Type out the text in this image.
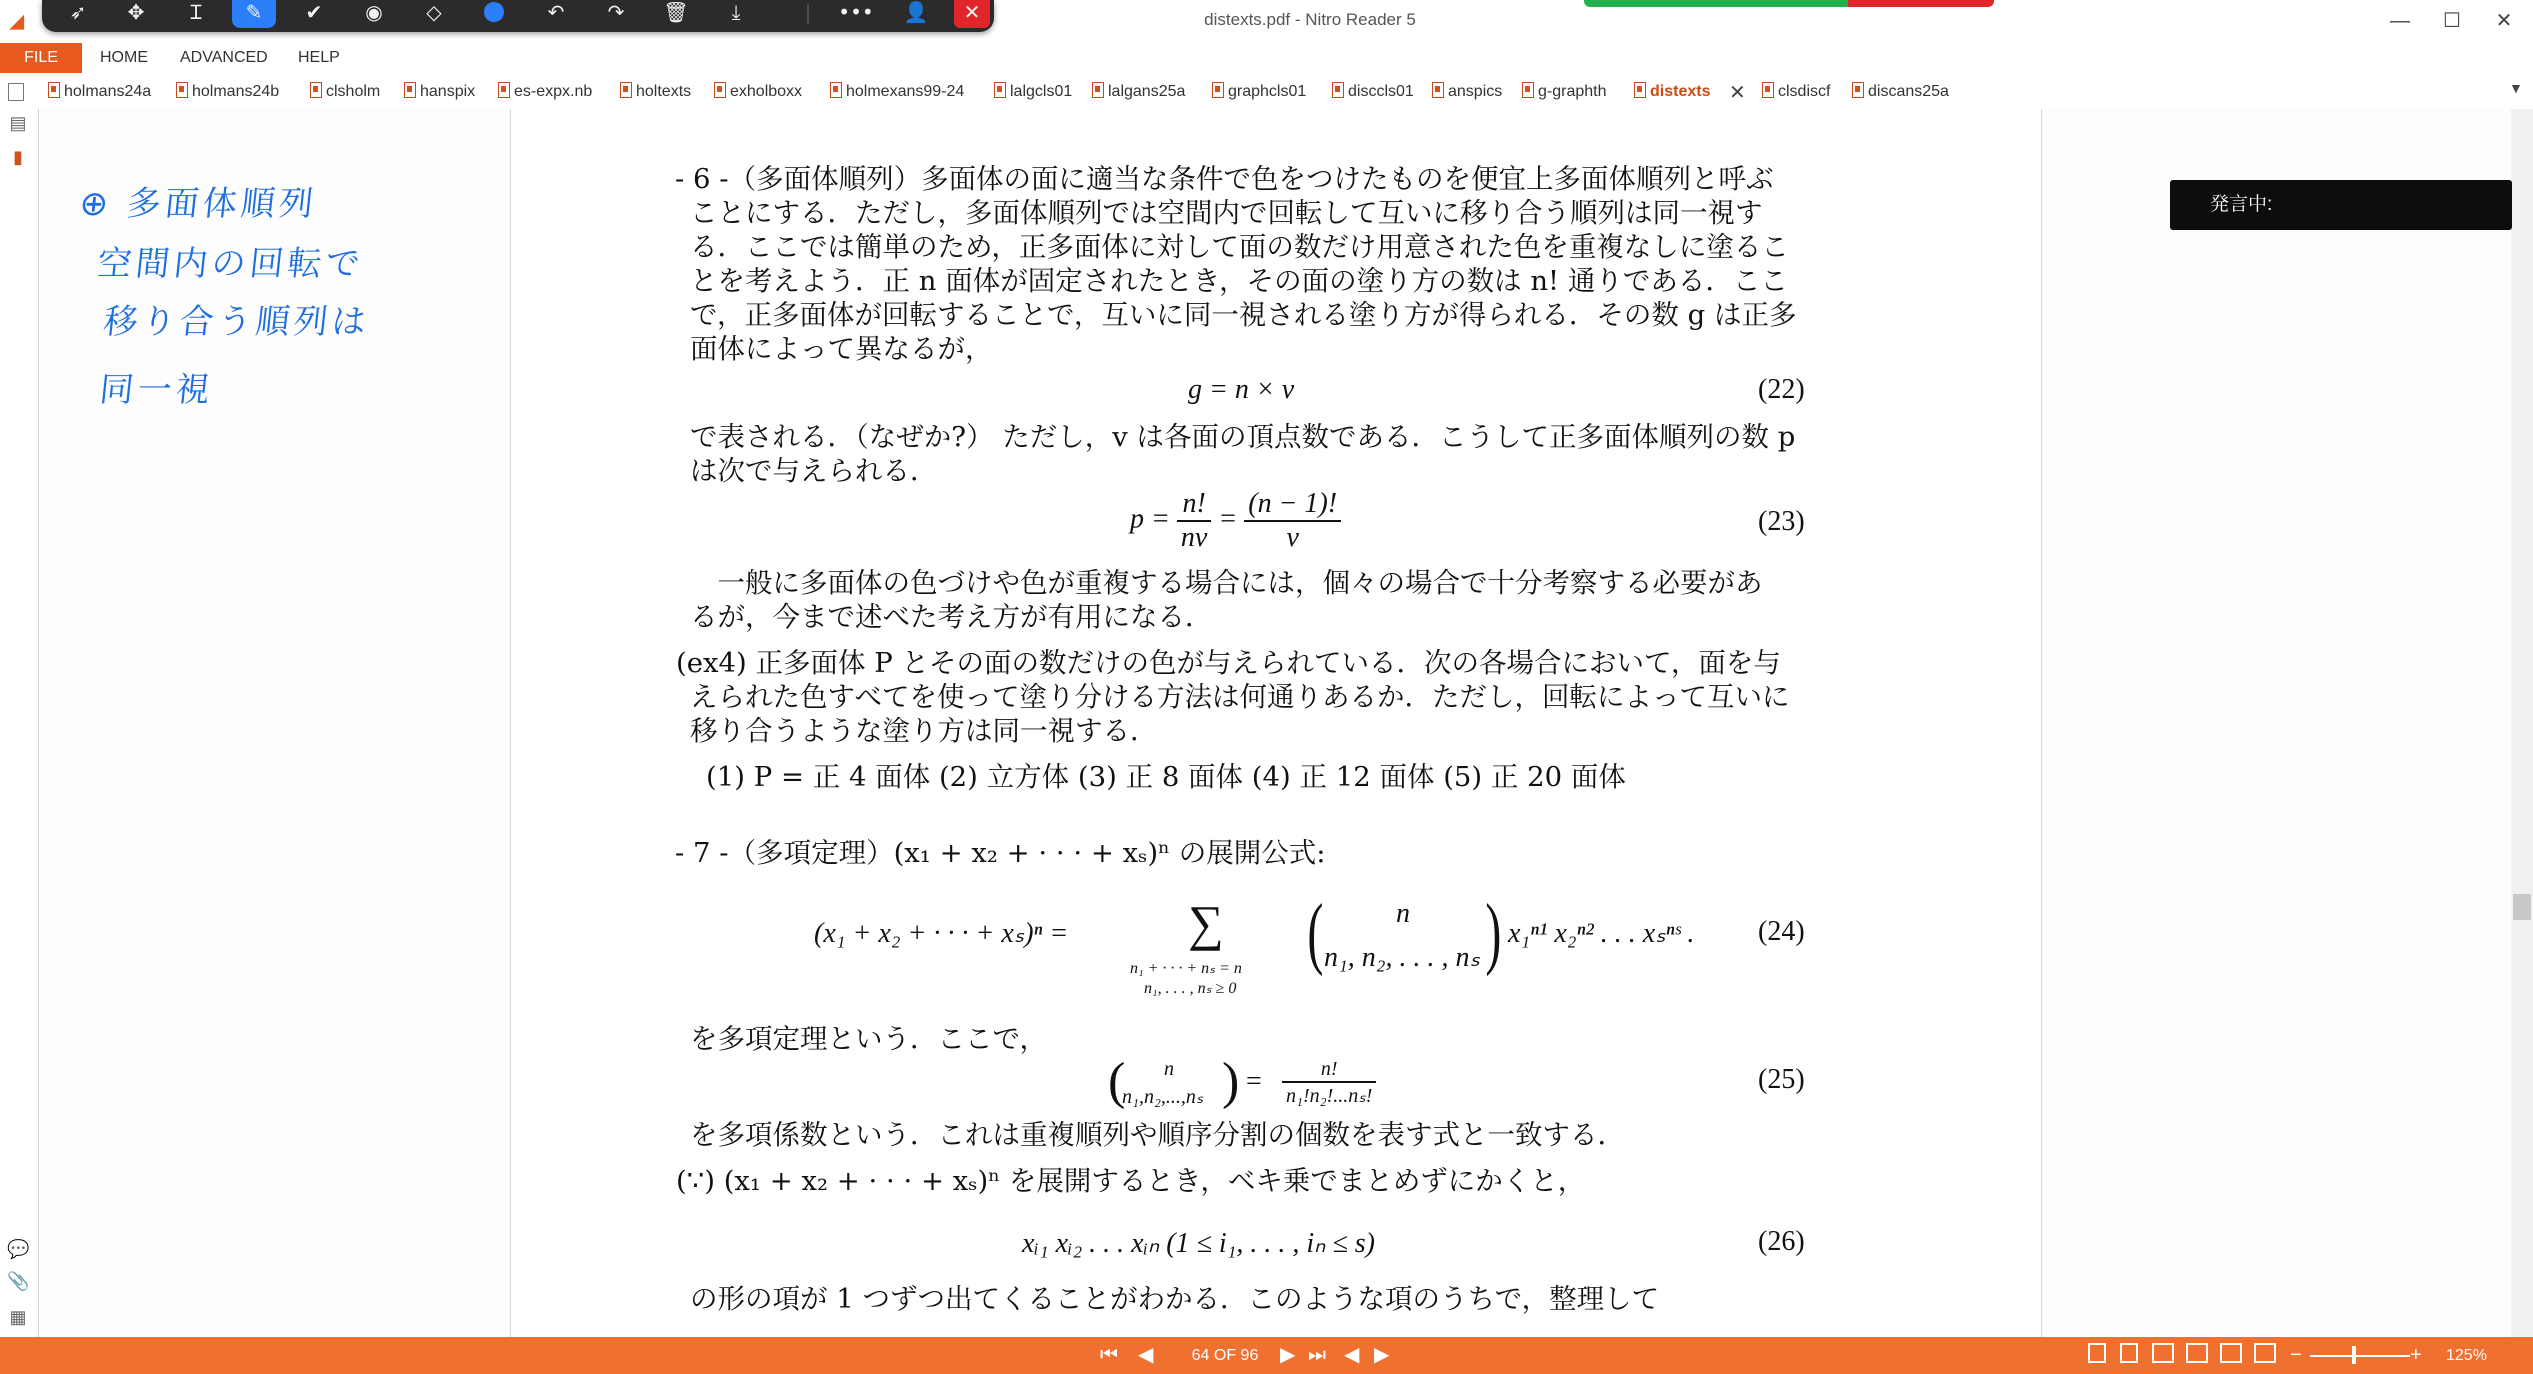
◢	distexts.pdf - Nitro Reader 5	—	☐	✕
➶	✥	Ɪ	✎	✔	◉	◇	↶	↷	🗑	⤓	|	•••	👤	✕
FILE	HOME ADVANCED HELP
holmans24a	holmans24b	clsholm	hanspix	es-expx.nb	holtexts	exholboxx	holmexans99-24	lalgcls01	lalgans25a	graphcls01	disccls01	anspics	g-graphth	distexts ✕	clsdiscf	discans25a	▼
▤
▮
💬
📎
▦
⊕ 多面体順列
空間内の回転で
移り合う順列は
同一視
発言中:
- 6 -（多面体順列）多面体の面に適当な条件で色をつけたものを便宜上多面体順列と呼ぶ
ことにする．ただし，多面体順列では空間内で回転して互いに移り合う順列は同一視す
る．ここでは簡単のため，正多面体に対して面の数だけ用意された色を重複なしに塗るこ
とを考えよう．正 n 面体が固定されたとき，その面の塗り方の数は n! 通りである．ここ
で，正多面体が回転することで，互いに同一視される塗り方が得られる．その数 g は正多
面体によって異なるが，
g = n × v	(22)
で表される．（なぜか?） ただし，v は各面の頂点数である．こうして正多面体順列の数 p
は次で与えられる．
$p = \frac{n!}{nv} = \frac{(n - 1)!}{v}$	(23)
　一般に多面体の色づけや色が重複する場合には，個々の場合で十分考察する必要があ
るが，今まで述べた考え方が有用になる．
(ex4) 正多面体 P とその面の数だけの色が与えられている．次の各場合において，面を与
えられた色すべてを使って塗り分ける方法は何通りあるか．ただし，回転によって互いに
移り合うような塗り方は同一視する．
(1) P = 正 4 面体 (2) 立方体 (3) 正 8 面体 (4) 正 12 面体 (5) 正 20 面体
- 7 -（多項定理）(x₁ + x₂ + · · · + xₛ)ⁿ の展開公式:
(x₁ + x₂ + · · · + xₛ)ⁿ = ∑
n₁ + · · · + nₛ = n
n₁, . . . , nₛ ≥ 0
(	n
n₁, n₂, . . . , nₛ ) x₁ⁿ¹ x₂ⁿ² . . . xₛⁿˢ . (24)
を多項定理という．ここで，
( n
n₁,n₂,...,nₛ ) = $\frac{n!}{\text{n₁!n₂!...nₛ!}}$	(25)
を多項係数という．これは重複順列や順序分割の個数を表す式と一致する．
(∵) (x₁ + x₂ + · · · + xₛ)ⁿ を展開するとき，ベキ乗でまとめずにかくと，
xᵢ₁ xᵢ₂ . . . xᵢₙ (1 ≤ i₁, . . . , iₙ ≤ s)	(26)
の形の項が 1 つずつ出てくることがわかる．このような項のうちで，整理して
⏮ ◀	64 OF 96	▶ ⏭ ◀ ▶	−	+ 125%
